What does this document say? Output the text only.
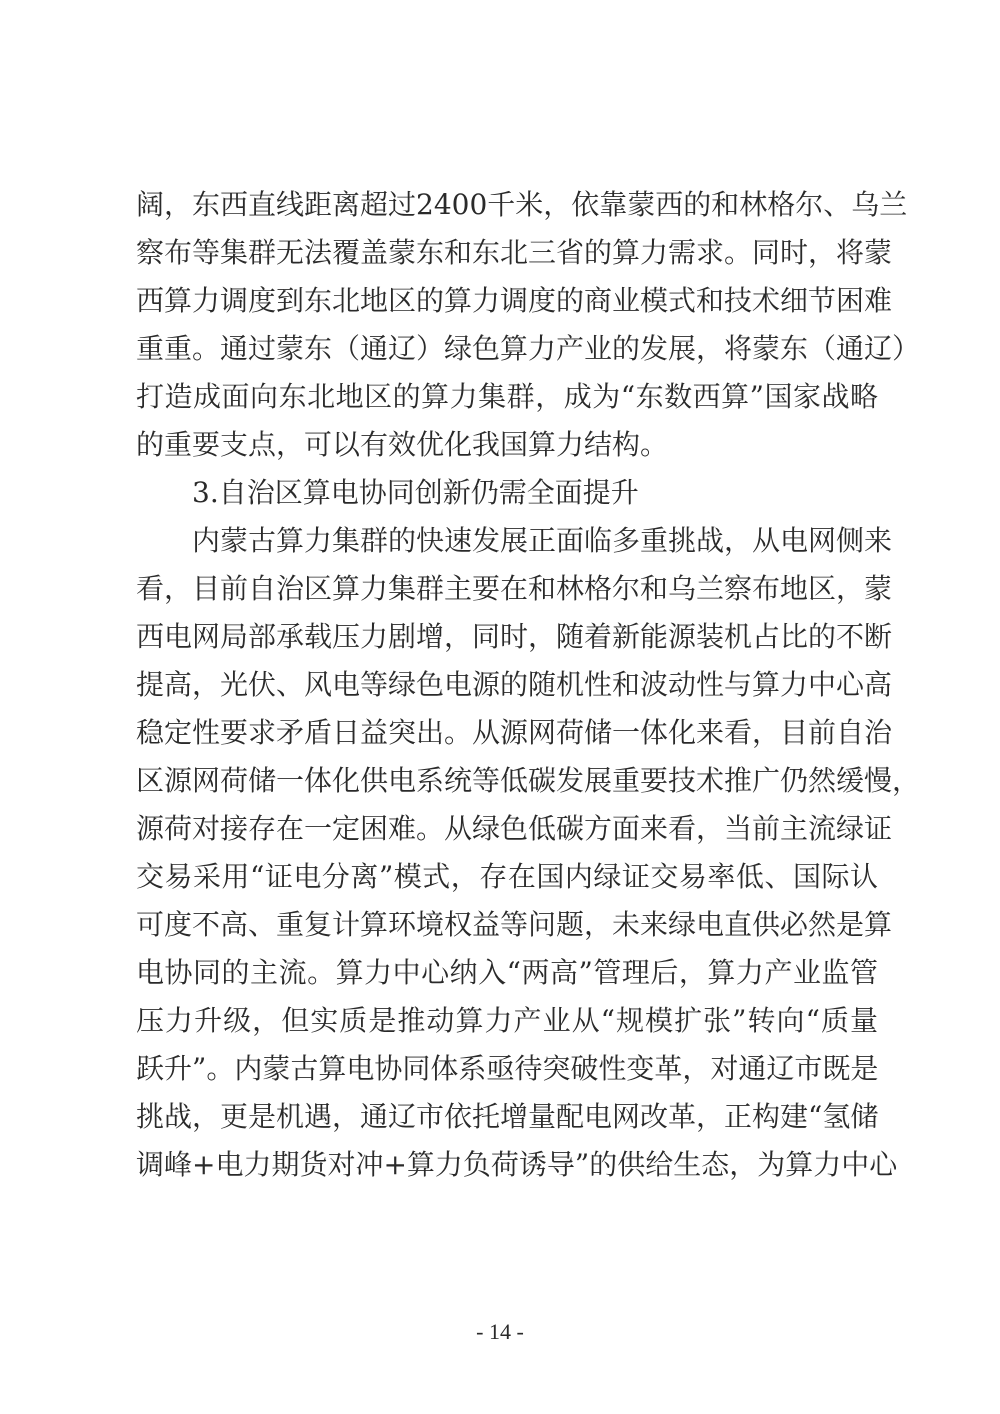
阔，东西直线距离超过2400千米，依靠蒙西的和林格尔、乌兰
察布等集群无法覆盖蒙东和东北三省的算力需求。同时，将蒙
西算力调度到东北地区的算力调度的商业模式和技术细节困难
重重。通过蒙东（通辽）绿色算力产业的发展，将蒙东（通辽）
打造成面向东北地区的算力集群，成为“东数西算”国家战略
的重要支点，可以有效优化我国算力结构。
3.自治区算电协同创新仍需全面提升
内蒙古算力集群的快速发展正面临多重挑战，从电网侧来
看，目前自治区算力集群主要在和林格尔和乌兰察布地区，蒙
西电网局部承载压力剧增，同时，随着新能源装机占比的不断
提高，光伏、风电等绿色电源的随机性和波动性与算力中心高
稳定性要求矛盾日益突出。从源网荷储一体化来看，目前自治
区源网荷储一体化供电系统等低碳发展重要技术推广仍然缓慢，
源荷对接存在一定困难。从绿色低碳方面来看，当前主流绿证
交易采用“证电分离”模式，存在国内绿证交易率低、国际认
可度不高、重复计算环境权益等问题，未来绿电直供必然是算
电协同的主流。算力中心纳入“两高”管理后，算力产业监管
压力升级，但实质是推动算力产业从“规模扩张”转向“质量
跃升”。内蒙古算电协同体系亟待突破性变革，对通辽市既是
挑战，更是机遇，通辽市依托增量配电网改革，正构建“氢储
调峰+电力期货对冲+算力负荷诱导”的供给生态，为算力中心
- 14 -
